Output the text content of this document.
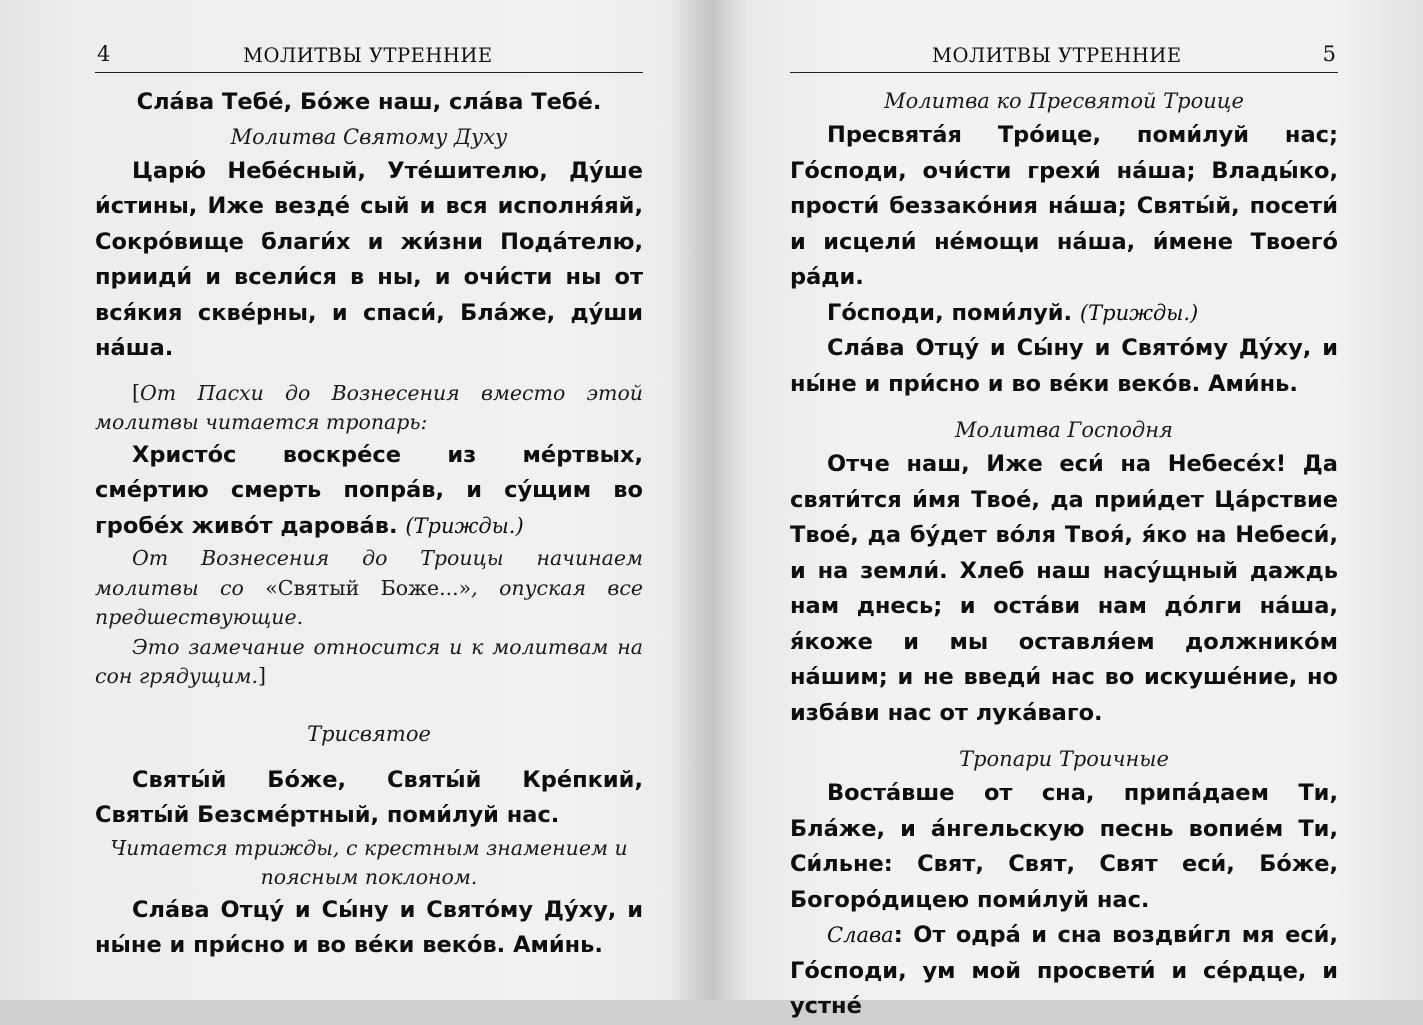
4	МОЛИТВЫ УТРЕННИЕ

Сла́ва Тебе́, Бо́же наш, сла́ва Тебе́.

Молитва Святому Духу

Царю́ Небе́сный, Уте́шителю, Ду́ше и́стины, Иже везде́ сый и вся исполня́яй, Сокро́вище благи́х и жи́зни Пода́телю, прииди́ и всели́ся в ны, и очи́сти ны от вся́кия скве́рны, и спаси́, Бла́же, ду́ши на́ша.

[От Пасхи до Вознесения вместо этой молитвы читается тропарь:

Христо́с воскре́се из ме́ртвых, сме́ртию смерть попра́в, и су́щим во гробе́х живо́т дарова́в. (Трижды.)

От Вознесения до Троицы начинаем молитвы со «Святый Боже...», опуская все предшествующие.

Это замечание относится и к молитвам на сон грядущим.]

Трисвятое

Святы́й Бо́же, Святы́й Кре́пкий, Святы́й Безсме́ртный, поми́луй нас.

Читается трижды, с крестным знамением и поясным поклоном.

Сла́ва Отцу́ и Сы́ну и Свято́му Ду́ху, и ны́не и при́сно и во ве́ки веко́в. Ами́нь.

МОЛИТВЫ УТРЕННИЕ	5

Молитва ко Пресвятой Троице

Пресвята́я Тро́ице, поми́луй нас; Го́споди, очи́сти грехи́ на́ша; Влады́ко, прости́ беззако́ния на́ша; Святы́й, посети́ и исцели́ не́мощи на́ша, и́мене Твоего́ ра́ди.

Го́споди, поми́луй. (Трижды.)

Сла́ва Отцу́ и Сы́ну и Свято́му Ду́ху, и ны́не и при́сно и во ве́ки веко́в. Ами́нь.

Молитва Господня

Отче наш, Иже еси́ на Небесе́х! Да святи́тся и́мя Твое́, да прии́дет Ца́рствие Твое́, да бу́дет во́ля Твоя́, я́ко на Небеси́, и на земли́. Хлеб наш насу́щный даждь нам днесь; и оста́ви нам до́лги на́ша, я́коже и мы оставля́ем должнико́м на́шим; и не введи́ нас во искуше́ние, но изба́ви нас от лука́ваго.

Тропари Троичные

Воста́вше от сна, припа́даем Ти, Бла́же, и а́нгельскую песнь вопие́м Ти, Си́льне: Свят, Свят, Свят еси́, Бо́же, Богоро́дицею поми́луй нас.

Слава: От одра́ и сна воздви́гл мя еси́, Го́споди, ум мой просвети́ и се́рдце, и устне́
